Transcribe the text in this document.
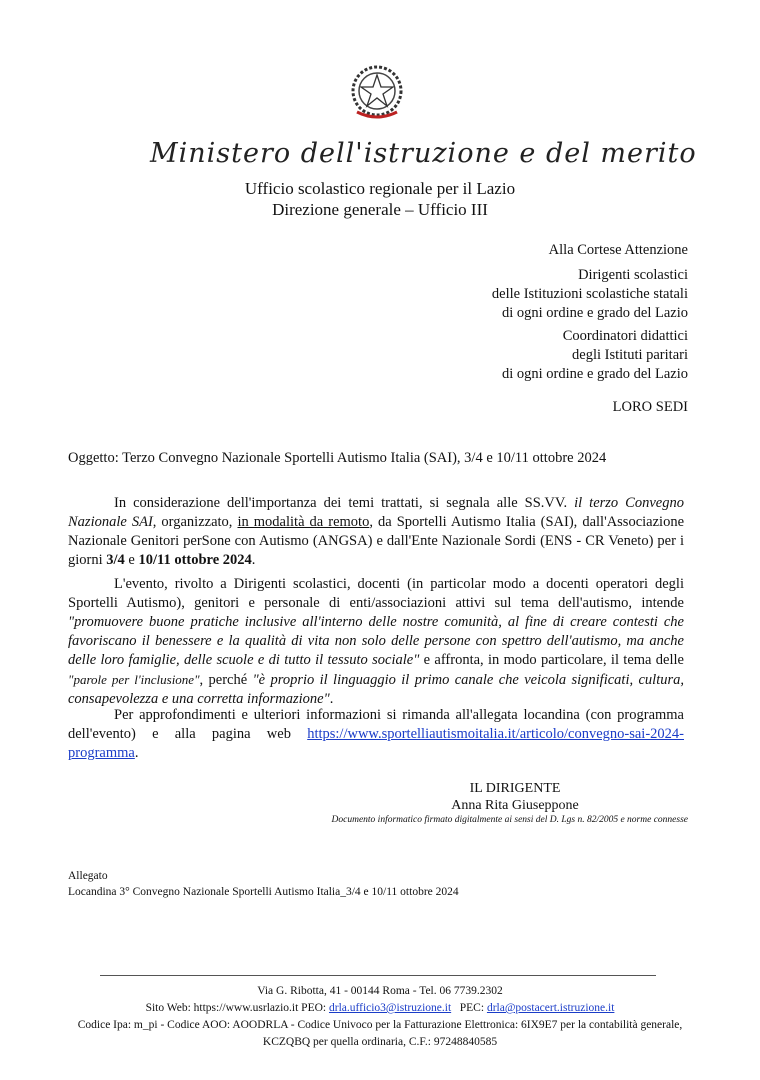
Ministero dell'istruzione e del merito
Ufficio scolastico regionale per il Lazio
Direzione generale – Ufficio III
Alla Cortese Attenzione
Dirigenti scolastici
delle Istituzioni scolastiche statali
di ogni ordine e grado del Lazio
Coordinatori didattici
degli Istituti paritari
di ogni ordine e grado del Lazio
LORO SEDI
Oggetto: Terzo Convegno Nazionale Sportelli Autismo Italia (SAI), 3/4 e 10/11 ottobre 2024
In considerazione dell'importanza dei temi trattati, si segnala alle SS.VV. il terzo Convegno Nazionale SAI, organizzato, in modalità da remoto, da Sportelli Autismo Italia (SAI), dall'Associazione Nazionale Genitori perSone con Autismo (ANGSA) e dall'Ente Nazionale Sordi (ENS - CR Veneto) per i giorni 3/4 e 10/11 ottobre 2024.
L'evento, rivolto a Dirigenti scolastici, docenti (in particolar modo a docenti operatori degli Sportelli Autismo), genitori e personale di enti/associazioni attivi sul tema dell'autismo, intende "promuovere buone pratiche inclusive all'interno delle nostre comunità, al fine di creare contesti che favoriscano il benessere e la qualità di vita non solo delle persone con spettro dell'autismo, ma anche delle loro famiglie, delle scuole e di tutto il tessuto sociale" e affronta, in modo particolare, il tema delle "parole per l'inclusione", perché "è proprio il linguaggio il primo canale che veicola significati, cultura, consapevolezza e una corretta informazione".
Per approfondimenti e ulteriori informazioni si rimanda all'allegata locandina (con programma dell'evento) e alla pagina web https://www.sportelliautismoitalia.it/articolo/convegno-sai-2024-programma.
IL DIRIGENTE
Anna Rita Giuseppone
Documento informatico firmato digitalmente ai sensi del D. Lgs n. 82/2005 e norme connesse
Allegato
Locandina 3° Convegno Nazionale Sportelli Autismo Italia_3/4 e 10/11 ottobre 2024
Via G. Ribotta, 41 - 00144 Roma - Tel. 06 7739.2302
Sito Web: https://www.usrlazio.it PEO: drla.ufficio3@istruzione.it   PEC: drla@postacert.istruzione.it
Codice Ipa: m_pi - Codice AOO: AOODRLA - Codice Univoco per la Fatturazione Elettronica: 6IX9E7 per la contabilità generale,
KCZQBQ per quella ordinaria, C.F.: 97248840585
